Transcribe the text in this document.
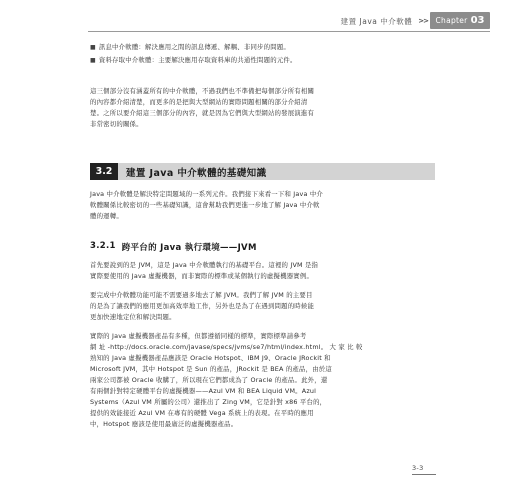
建置 Java 中介軟體 >> Chapter 03
■ 訊息中介軟體：解決應用之間的訊息傳遞、解耦、非同步的問題。
■ 資料存取中介軟體：主要解決應用存取資料庫的共通性問題的元件。
這三個部分沒有涵蓋所有的中介軟體，不過我們也不準備把每個部分所有相關
的內容都介紹清楚，而更多的是把與大型網站的實際問題相關的部分介紹清
楚。之所以要介紹這三個部分的內容，就是因為它們與大型網站的發展演進有
非常密切的關係。
3.2	建置 Java 中介軟體的基礎知識
Java 中介軟體是解決特定問題域的一系列元件。我們接下來看一下和 Java 中介
軟體關係比較密切的一些基礎知識，這會幫助我們更進一步地了解 Java 中介軟
體的運轉。
3.2.1 跨平台的 Java 執行環境——JVM
首先要說到的是 JVM，這是 Java 中介軟體執行的基礎平台。這裡的 JVM 是指
實際要使用的 Java 虛擬機器，而非實際的標準或某個執行的虛擬機器實例。
要完成中介軟體功能可能不需要過多地去了解 JVM。我們了解 JVM 的主要目
的是為了讓我們的應用更加高效率地工作，另外也是為了在遇到問題的時候能
更加快速地定位和解決問題。
實際的 Java 虛擬機器產品有多種，但都遵循同樣的標準，實際標準請參考
網 址 -http://docs.oracle.com/javase/specs/jvms/se7/html/index.html。 大 家 比 較
熟知的 Java 虛擬機器產品應該是 Oracle Hotspot、IBM J9、Oracle JRockit 和
Microsoft JVM，其中 Hotspot 是 Sun 的產品，JRockit 是 BEA 的產品，由於這
兩家公司都被 Oracle 收購了，所以現在它們都成為了 Oracle 的產品。此外，還
有兩個針對特定硬體平台的虛擬機器——Azul VM 和 BEA Liquid VM。Azul
Systems（Azul VM 所屬的公司）還推出了 Zing VM，它是針對 x86 平台的，
提供的效能接近 Azul VM 在專有的硬體 Vega 系統上的表現。在平時的應用
中，Hotspot 應該是使用最廣泛的虛擬機器產品。
3-3
